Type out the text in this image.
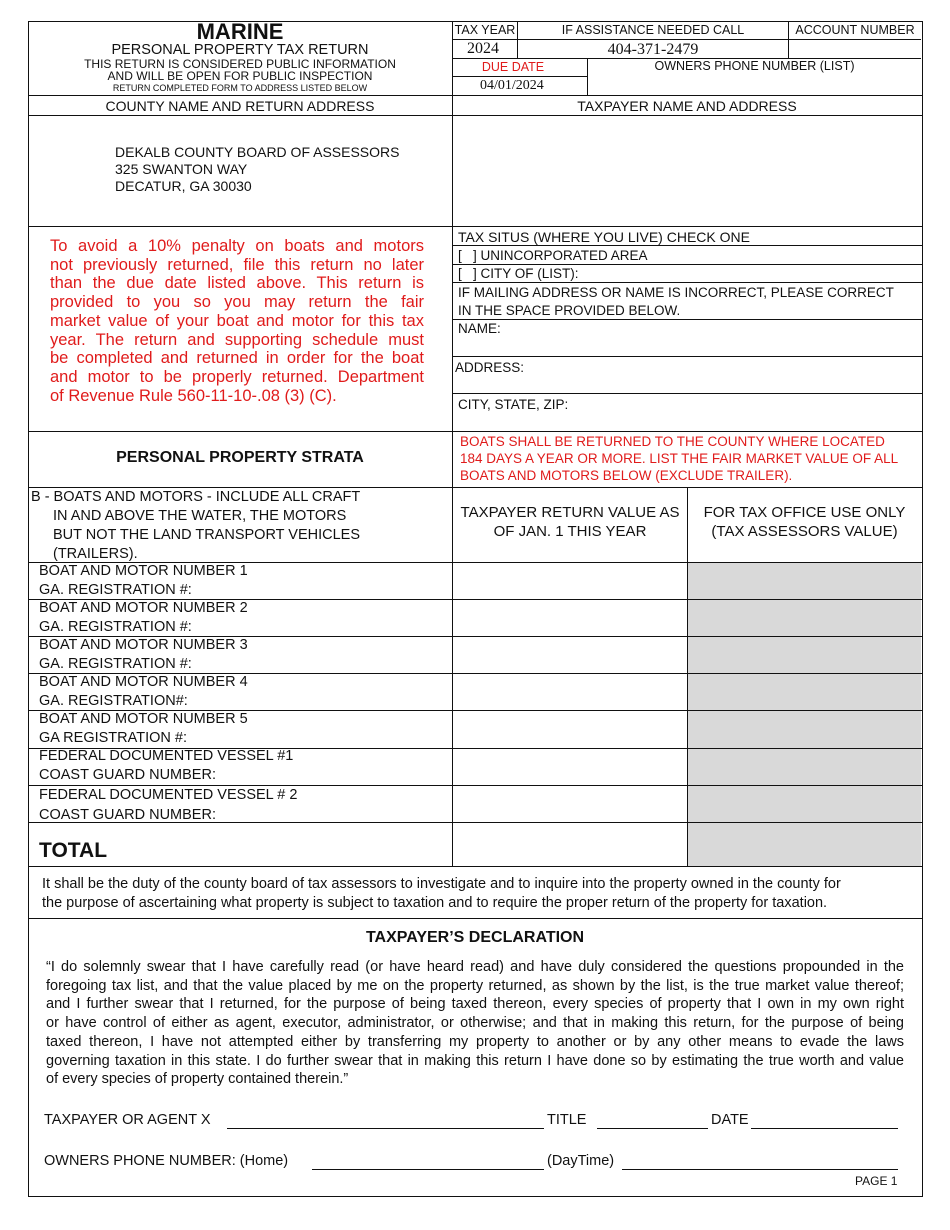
MARINE
PERSONAL PROPERTY TAX RETURN
THIS RETURN IS CONSIDERED PUBLIC INFORMATION
AND WILL BE OPEN FOR PUBLIC INSPECTION
RETURN COMPLETED FORM TO ADDRESS LISTED BELOW
TAX YEAR	IF ASSISTANCE NEEDED CALL	ACCOUNT NUMBER
2024	404-371-2479
DUE DATE	OWNERS PHONE NUMBER (LIST)
04/01/2024
COUNTY NAME AND RETURN ADDRESS	TAXPAYER NAME AND ADDRESS
DEKALB COUNTY BOARD OF ASSESSORS
325 SWANTON WAY
DECATUR, GA 30030
To avoid a 10% penalty on boats and motors
not previously returned, file this return no later
than the due date listed above. This return is
provided to you so you may return the fair
market value of your boat and motor for this tax
year. The return and supporting schedule must
be completed and returned in order for the boat
and motor to be properly returned. Department
of Revenue Rule 560-11-10-.08 (3) (C).
TAX SITUS (WHERE YOU LIVE) CHECK ONE
[   ] UNINCORPORATED AREA
[   ] CITY OF (LIST):
IF MAILING ADDRESS OR NAME IS INCORRECT, PLEASE CORRECT
IN THE SPACE PROVIDED BELOW.
NAME:
ADDRESS:
CITY, STATE, ZIP:
PERSONAL PROPERTY STRATA
BOATS SHALL BE RETURNED TO THE COUNTY WHERE LOCATED
184 DAYS A YEAR OR MORE. LIST THE FAIR MARKET VALUE OF ALL
BOATS AND MOTORS BELOW (EXCLUDE TRAILER).
B - BOATS AND MOTORS - INCLUDE ALL CRAFT
IN AND ABOVE THE WATER, THE MOTORS
BUT NOT THE LAND TRANSPORT VEHICLES
(TRAILERS).
TAXPAYER RETURN VALUE AS
OF JAN. 1 THIS YEAR
FOR TAX OFFICE USE ONLY
(TAX ASSESSORS VALUE)
BOAT AND MOTOR NUMBER 1
GA. REGISTRATION #:
BOAT AND MOTOR NUMBER 2
GA. REGISTRATION #:
BOAT AND MOTOR NUMBER 3
GA. REGISTRATION #:
BOAT AND MOTOR NUMBER 4
GA. REGISTRATION#:
BOAT AND MOTOR NUMBER 5
GA REGISTRATION #:
FEDERAL DOCUMENTED VESSEL #1
COAST GUARD NUMBER:
FEDERAL DOCUMENTED VESSEL # 2
COAST GUARD NUMBER:
TOTAL
It shall be the duty of the county board of tax assessors to investigate and to inquire into the property owned in the county for
the purpose of ascertaining what property is subject to taxation and to require the proper return of the property for taxation.
TAXPAYER’S DECLARATION
“I do solemnly swear that I have carefully read (or have heard read) and have duly considered the questions propounded in the
foregoing tax list, and that the value placed by me on the property returned, as shown by the list, is the true market value thereof;
and I further swear that I returned, for the purpose of being taxed thereon, every species of property that I own in my own right
or have control of either as agent, executor, administrator, or otherwise; and that in making this return, for the purpose of being
taxed thereon, I have not attempted either by transferring my property to another or by any other means to evade the laws
governing taxation in this state. I do further swear that in making this return I have done so by estimating the true worth and value
of every species of property contained therein.”
TAXPAYER OR AGENT X	TITLE	DATE
OWNERS PHONE NUMBER: (Home)	(DayTime)
PAGE 1
